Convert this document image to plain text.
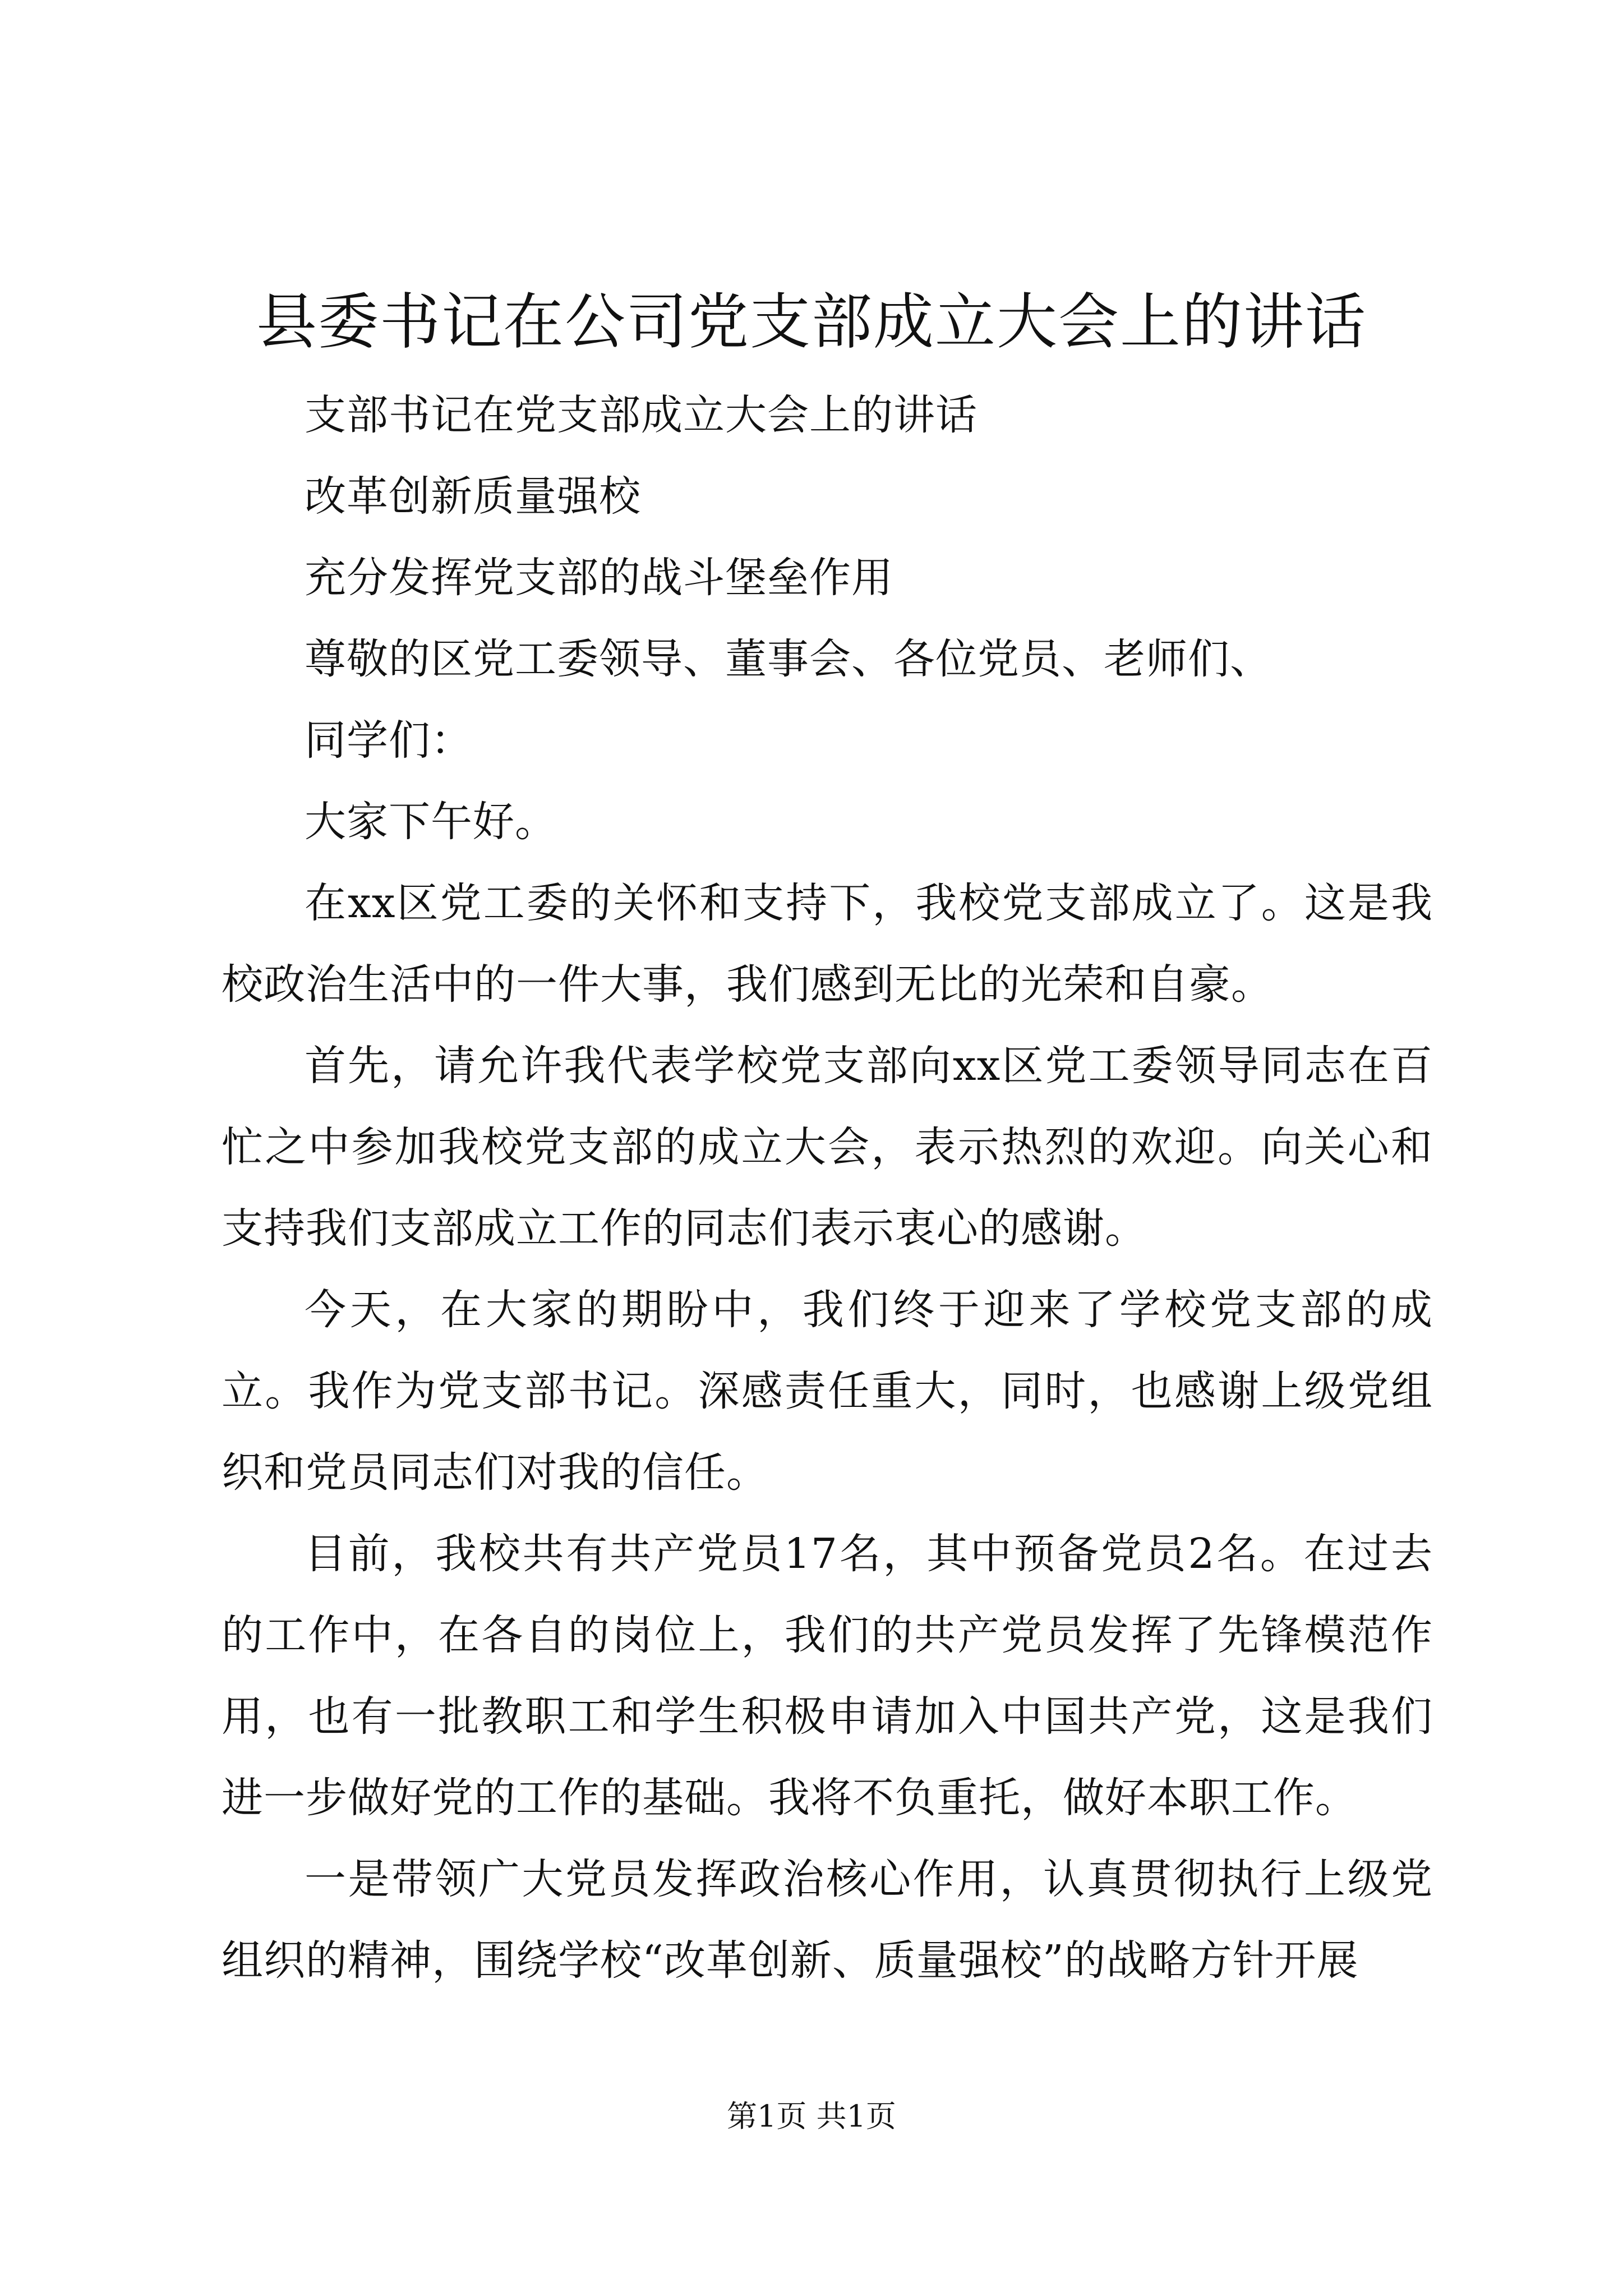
县委书记在公司党支部成立大会上的讲话

支部书记在党支部成立大会上的讲话

改革创新质量强校

充分发挥党支部的战斗堡垒作用

尊敬的区党工委领导、董事会、各位党员、老师们、

同学们：

大家下午好。

在xx区党工委的关怀和支持下，我校党支部成立了。这是我校政治生活中的一件大事，我们感到无比的光荣和自豪。

首先，请允许我代表学校党支部向xx区党工委领导同志在百忙之中参加我校党支部的成立大会，表示热烈的欢迎。向关心和支持我们支部成立工作的同志们表示衷心的感谢。

今天，在大家的期盼中，我们终于迎来了学校党支部的成立。我作为党支部书记。深感责任重大，同时，也感谢上级党组织和党员同志们对我的信任。

目前，我校共有共产党员17名，其中预备党员2名。在过去的工作中，在各自的岗位上，我们的共产党员发挥了先锋模范作用，也有一批教职工和学生积极申请加入中国共产党，这是我们进一步做好党的工作的基础。我将不负重托，做好本职工作。

一是带领广大党员发挥政治核心作用，认真贯彻执行上级党组织的精神，围绕学校“改革创新、质量强校”的战略方针开展

第1页 共1页
